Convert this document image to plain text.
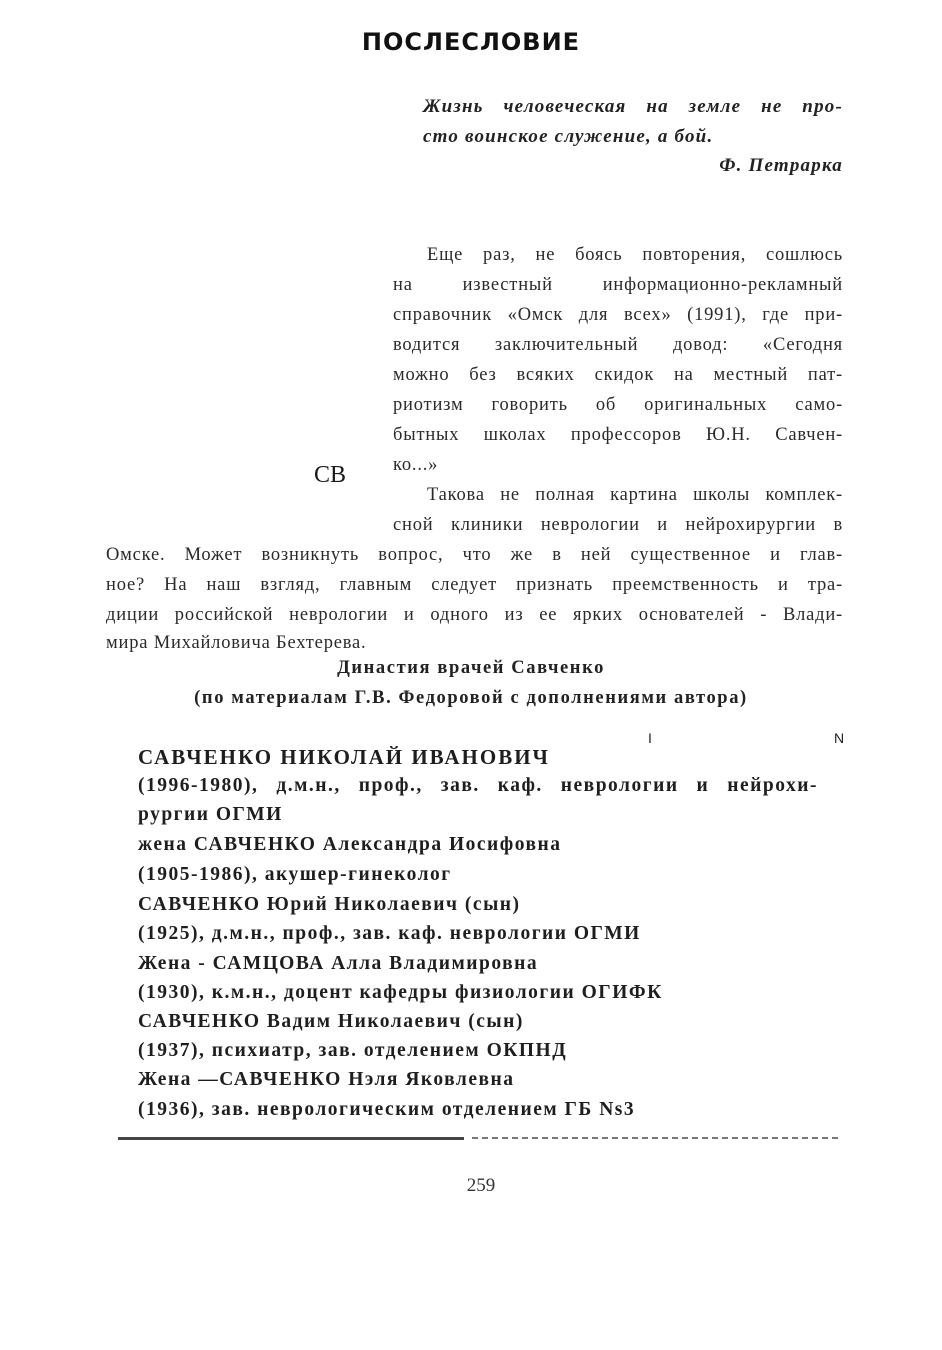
ПОСЛЕСЛОВИЕ
Жизнь человеческая на земле не про-
сто воинское служение, а бой.
Ф. Петрарка
СВ
Еще раз, не боясь повторения, сошлюсь
на известный информационно-рекламный
справочник «Омск для всех» (1991), где при-
водится заключительный довод: «Сегодня
можно без всяких скидок на местный пат-
риотизм говорить об оригинальных само-
бытных школах профессоров Ю.Н. Савчен-
ко...»
Такова не полная картина школы комплек-
сной клиники неврологии и нейрохирургии в
Омске. Может возникнуть вопрос, что же в ней существенное и глав-
ное? На наш взгляд, главным следует признать преемственность и тра-
диции российской неврологии и одного из ее ярких основателей - Влади-
мира Михайловича Бехтерева.
Династия врачей Савченко
(по материалам Г.В. Федоровой с дополнениями автора)
I	N
САВЧЕНКО НИКОЛАЙ ИВАНОВИЧ
(1996-1980), д.м.н., проф., зав. каф. неврологии и нейрохи-
рургии ОГМИ
жена САВЧЕНКО Александра Иосифовна
(1905-1986), акушер-гинеколог
САВЧЕНКО Юрий Николаевич (сын)
(1925), д.м.н., проф., зав. каф. неврологии ОГМИ
Жена - САМЦОВА Алла Владимировна
(1930), к.м.н., доцент кафедры физиологии ОГИФК
САВЧЕНКО Вадим Николаевич (сын)
(1937), психиатр, зав. отделением ОКПНД
Жена —САВЧЕНКО Нэля Яковлевна
(1936), зав. неврологическим отделением ГБ Ns3
259
